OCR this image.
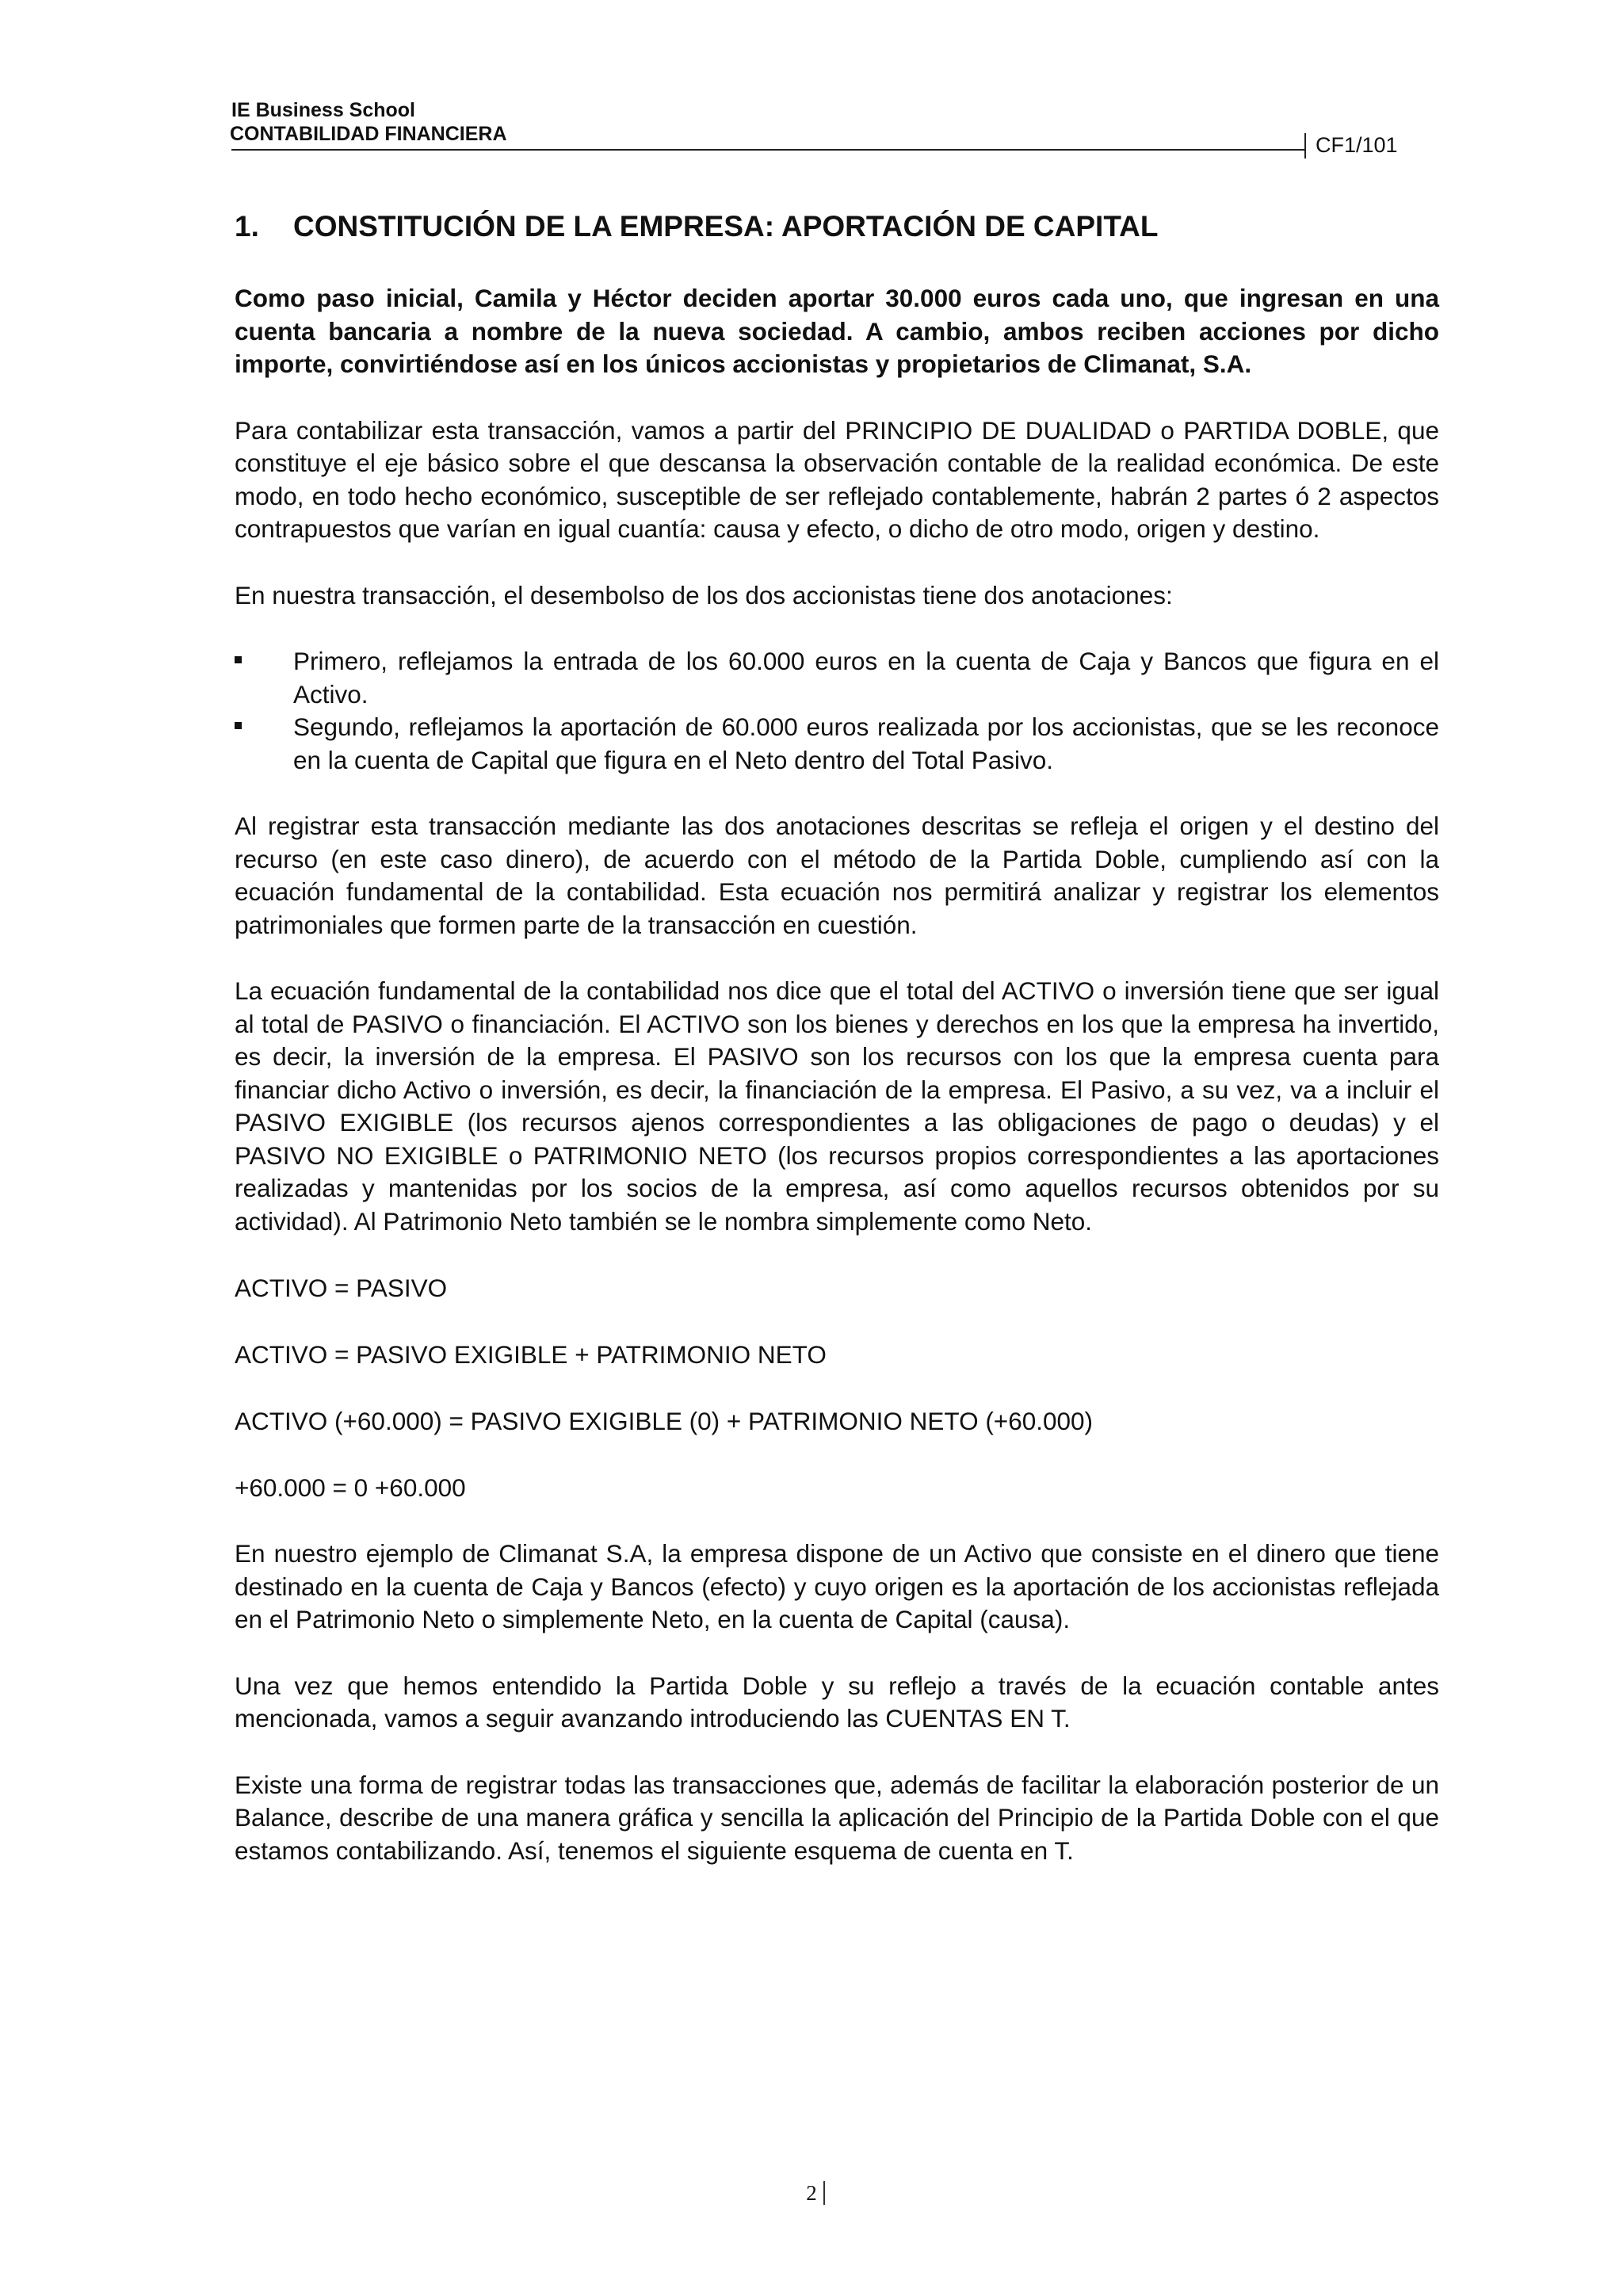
IE Business School
CONTABILIDAD FINANCIERA	CF1/101
1.	CONSTITUCIÓN DE LA EMPRESA: APORTACIÓN DE CAPITAL

Como paso inicial, Camila y Héctor deciden aportar 30.000 euros cada uno, que ingresan en una cuenta bancaria a nombre de la nueva sociedad. A cambio, ambos reciben acciones por dicho importe, convirtiéndose así en los únicos accionistas y propietarios de Climanat, S.A.

Para contabilizar esta transacción, vamos a partir del PRINCIPIO DE DUALIDAD o PARTIDA DOBLE, que constituye el eje básico sobre el que descansa la observación contable de la realidad económica. De este modo, en todo hecho económico, susceptible de ser reflejado contablemente, habrán 2 partes ó 2 aspectos contrapuestos que varían en igual cuantía: causa y efecto, o dicho de otro modo, origen y destino.

En nuestra transacción, el desembolso de los dos accionistas tiene dos anotaciones:

Primero, reflejamos la entrada de los 60.000 euros en la cuenta de Caja y Bancos que figura en el Activo.
Segundo, reflejamos la aportación de 60.000 euros realizada por los accionistas, que se les reconoce en la cuenta de Capital que figura en el Neto dentro del Total Pasivo.

Al registrar esta transacción mediante las dos anotaciones descritas se refleja el origen y el destino del recurso (en este caso dinero), de acuerdo con el método de la Partida Doble, cumpliendo así con la ecuación fundamental de la contabilidad. Esta ecuación nos permitirá analizar y registrar los elementos patrimoniales que formen parte de la transacción en cuestión.

La ecuación fundamental de la contabilidad nos dice que el total del ACTIVO o inversión tiene que ser igual al total de PASIVO o financiación. El ACTIVO son los bienes y derechos en los que la empresa ha invertido, es decir, la inversión de la empresa. El PASIVO son los recursos con los que la empresa cuenta para financiar dicho Activo o inversión, es decir, la financiación de la empresa. El Pasivo, a su vez, va a incluir el PASIVO EXIGIBLE (los recursos ajenos correspondientes a las obligaciones de pago o deudas) y el PASIVO NO EXIGIBLE o PATRIMONIO NETO (los recursos propios correspondientes a las aportaciones realizadas y mantenidas por los socios de la empresa, así como aquellos recursos obtenidos por su actividad). Al Patrimonio Neto también se le nombra simplemente como Neto.

ACTIVO = PASIVO
ACTIVO = PASIVO EXIGIBLE + PATRIMONIO NETO
ACTIVO (+60.000) = PASIVO EXIGIBLE (0) + PATRIMONIO NETO (+60.000)
+60.000 = 0 +60.000

En nuestro ejemplo de Climanat S.A, la empresa dispone de un Activo que consiste en el dinero que tiene destinado en la cuenta de Caja y Bancos (efecto) y cuyo origen es la aportación de los accionistas reflejada en el Patrimonio Neto o simplemente Neto, en la cuenta de Capital (causa).

Una vez que hemos entendido la Partida Doble y su reflejo a través de la ecuación contable antes mencionada, vamos a seguir avanzando introduciendo las CUENTAS EN T.

Existe una forma de registrar todas las transacciones que, además de facilitar la elaboración posterior de un Balance, describe de una manera gráfica y sencilla la aplicación del Principio de la Partida Doble con el que estamos contabilizando. Así, tenemos el siguiente esquema de cuenta en T.

2
